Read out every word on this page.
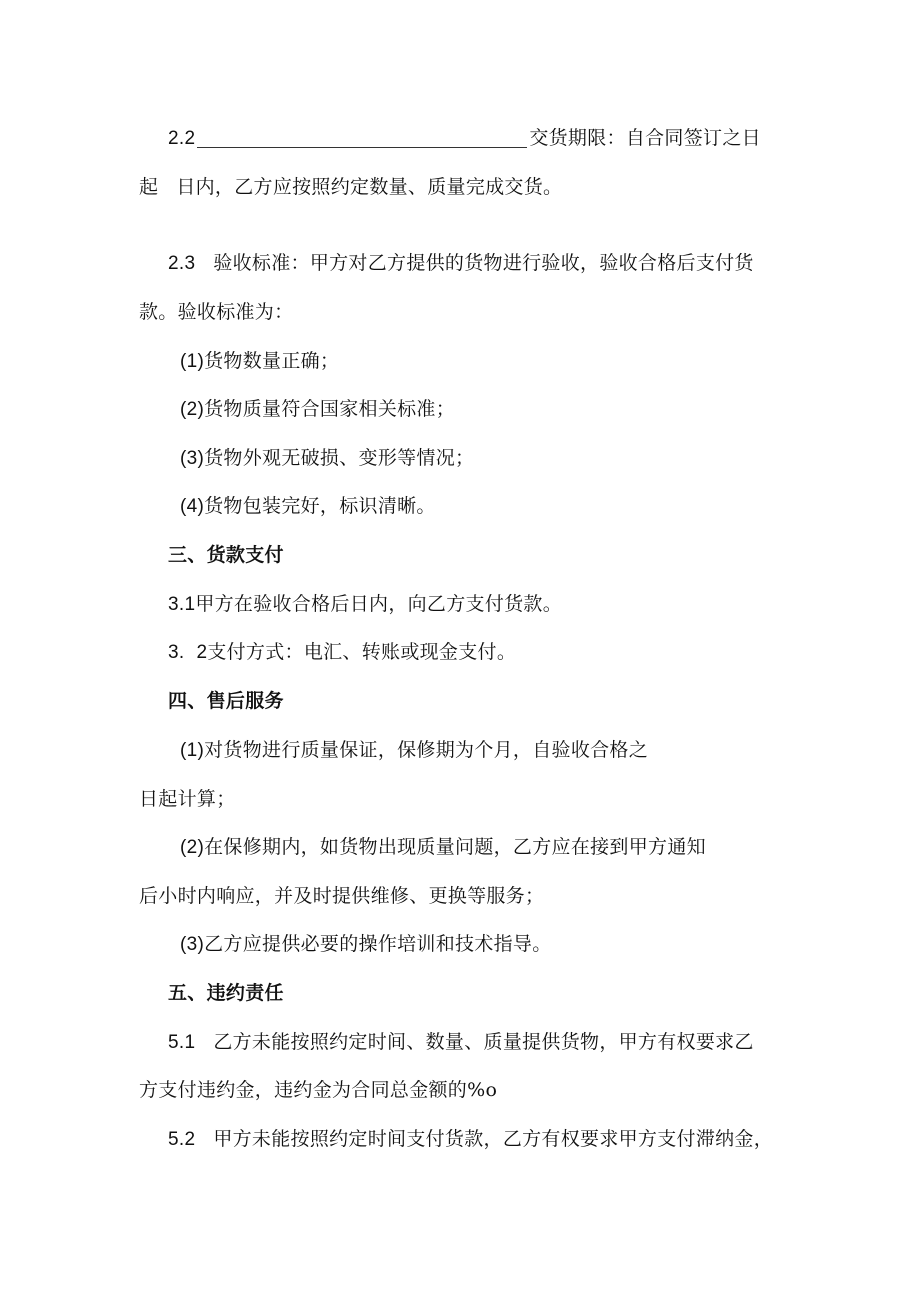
2.2	交货期限：自合同签订之日
起 日内，乙方应按照约定数量、质量完成交货。
2.3 验收标准：甲方对乙方提供的货物进行验收，验收合格后支付货
款。验收标准为：
(1)货物数量正确；
(2)货物质量符合国家相关标准；
(3)货物外观无破损、变形等情况；
(4)货物包装完好，标识清晰。
三、货款支付
3.1甲方在验收合格后日内，向乙方支付货款。
3. 2支付方式：电汇、转账或现金支付。
四、售后服务
(1)对货物进行质量保证，保修期为个月，自验收合格之
日起计算；
(2)在保修期内，如货物出现质量问题，乙方应在接到甲方通知
后小时内响应，并及时提供维修、更换等服务；
(3)乙方应提供必要的操作培训和技术指导。
五、违约责任
5.1 乙方未能按照约定时间、数量、质量提供货物，甲方有权要求乙
方支付违约金，违约金为合同总金额的%o
5.2 甲方未能按照约定时间支付货款，乙方有权要求甲方支付滞纳金，
